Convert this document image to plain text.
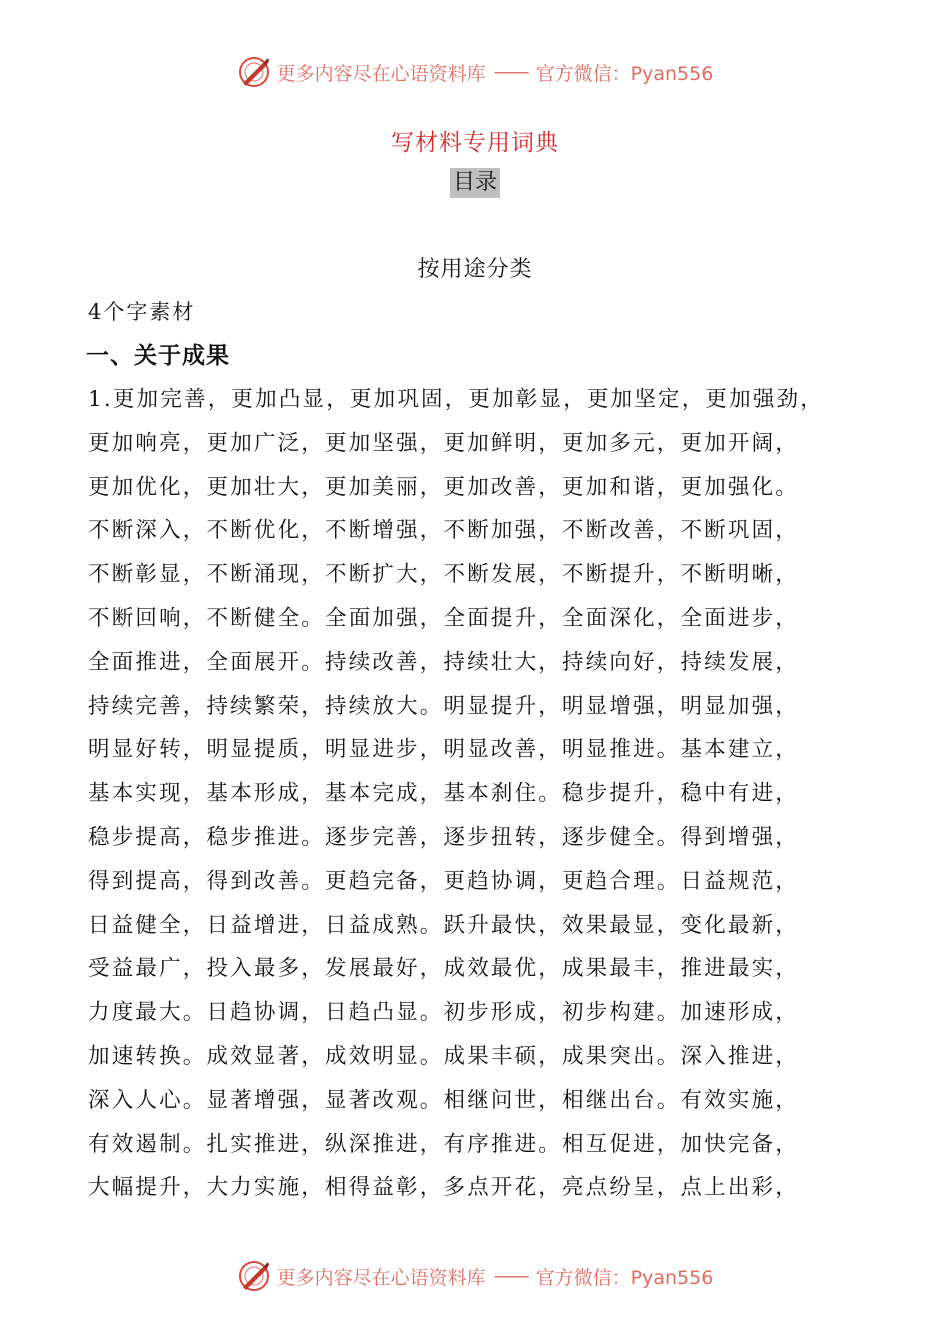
更多内容尽在心语资料库 —— 官方微信：Pyan556
写材料专用词典
目录
按用途分类
4个字素材
一、关于成果
1.更加完善，更加凸显，更加巩固，更加彰显，更加坚定，更加强劲，
更加响亮，更加广泛，更加坚强，更加鲜明，更加多元，更加开阔，
更加优化，更加壮大，更加美丽，更加改善，更加和谐，更加强化。
不断深入，不断优化，不断增强，不断加强，不断改善，不断巩固，
不断彰显，不断涌现，不断扩大，不断发展，不断提升，不断明晰，
不断回响，不断健全。全面加强，全面提升，全面深化，全面进步，
全面推进，全面展开。持续改善，持续壮大，持续向好，持续发展，
持续完善，持续繁荣，持续放大。明显提升，明显增强，明显加强，
明显好转，明显提质，明显进步，明显改善，明显推进。基本建立，
基本实现，基本形成，基本完成，基本刹住。稳步提升，稳中有进，
稳步提高，稳步推进。逐步完善，逐步扭转，逐步健全。得到增强，
得到提高，得到改善。更趋完备，更趋协调，更趋合理。日益规范，
日益健全，日益增进，日益成熟。跃升最快，效果最显，变化最新，
受益最广，投入最多，发展最好，成效最优，成果最丰，推进最实，
力度最大。日趋协调，日趋凸显。初步形成，初步构建。加速形成，
加速转换。成效显著，成效明显。成果丰硕，成果突出。深入推进，
深入人心。显著增强，显著改观。相继问世，相继出台。有效实施，
有效遏制。扎实推进，纵深推进，有序推进。相互促进，加快完备，
大幅提升，大力实施，相得益彰，多点开花，亮点纷呈，点上出彩，
更多内容尽在心语资料库 —— 官方微信：Pyan556
